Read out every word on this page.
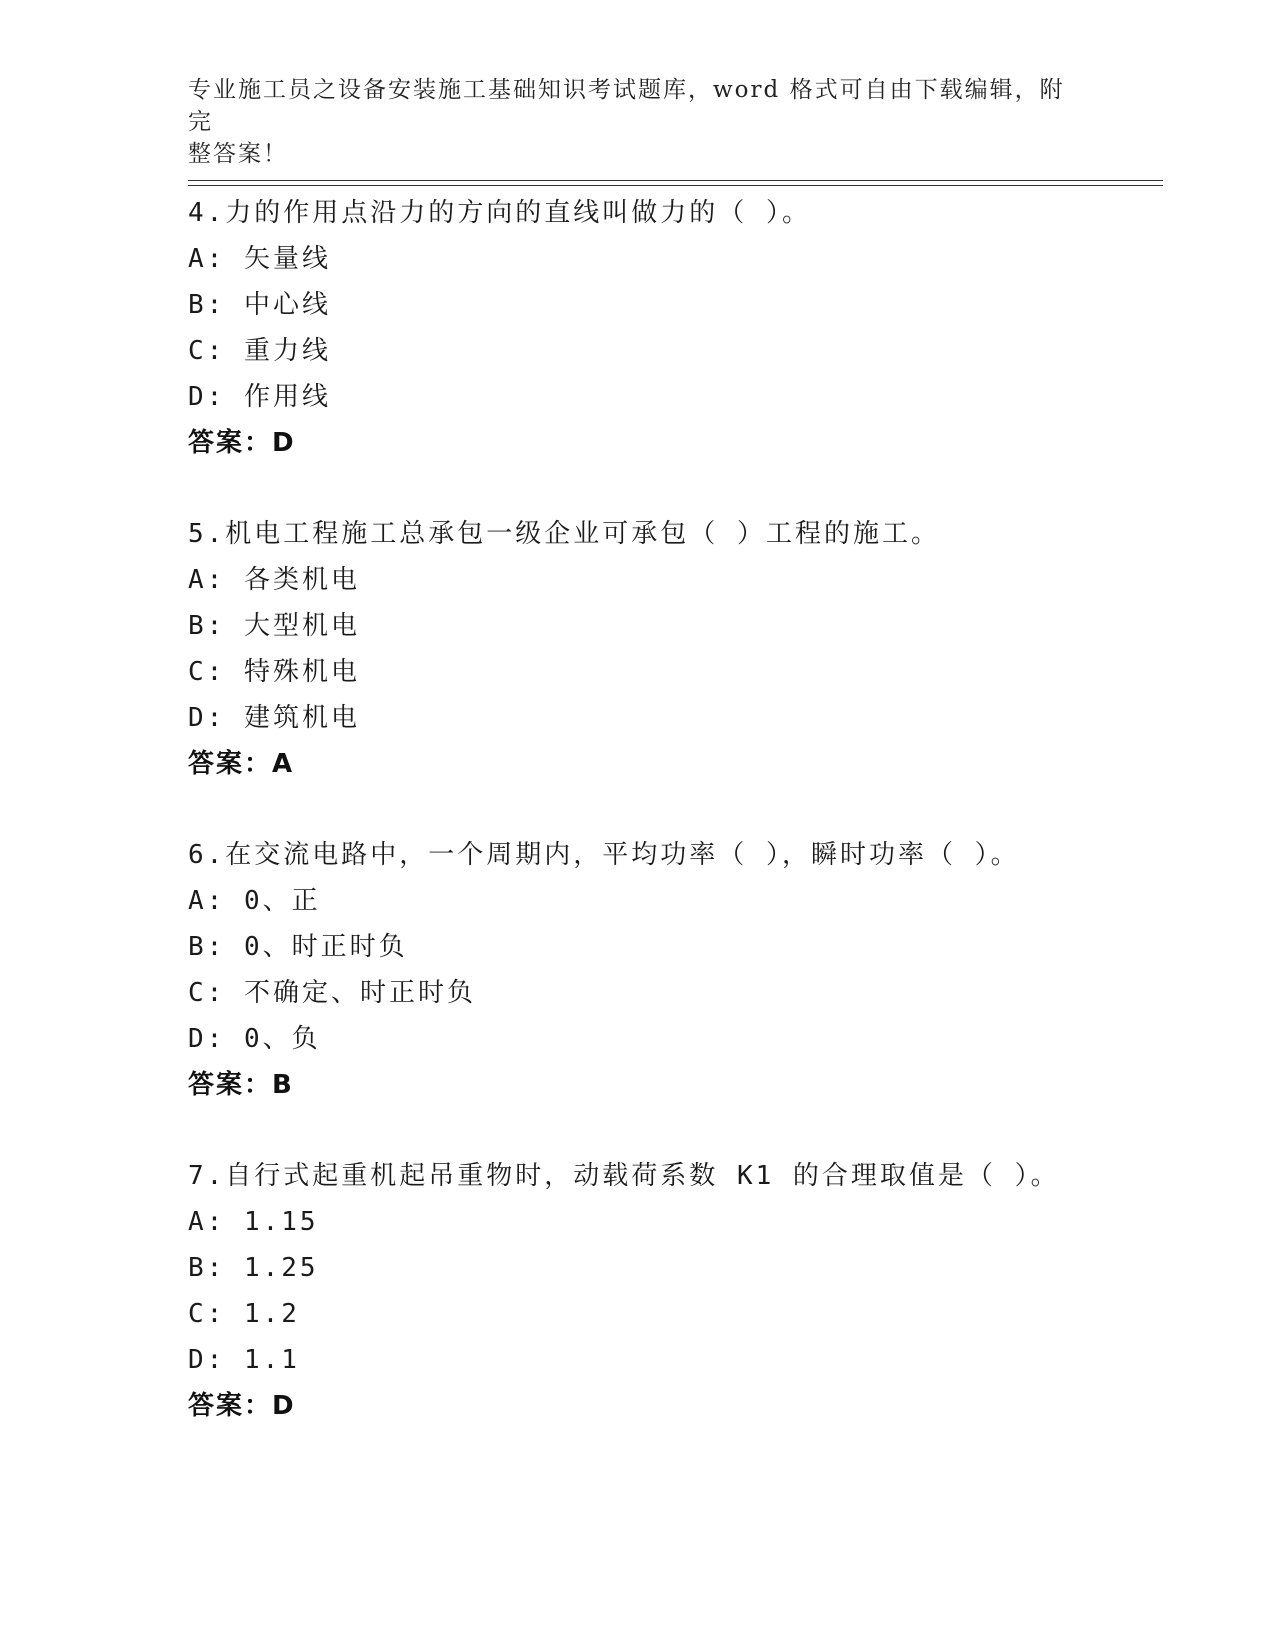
专业施工员之设备安装施工基础知识考试题库，word 格式可自由下载编辑，附完
整答案！
4.力的作用点沿力的方向的直线叫做力的（ ）。
A: 矢量线
B: 中心线
C: 重力线
D: 作用线
答案：D
5.机电工程施工总承包一级企业可承包（ ）工程的施工。
A: 各类机电
B: 大型机电
C: 特殊机电
D: 建筑机电
答案：A
6.在交流电路中，一个周期内，平均功率（ ），瞬时功率（ ）。
A: 0、正
B: 0、时正时负
C: 不确定、时正时负
D: 0、负
答案：B
7.自行式起重机起吊重物时，动载荷系数 K1 的合理取值是（ ）。
A: 1.15
B: 1.25
C: 1.2
D: 1.1
答案：D
